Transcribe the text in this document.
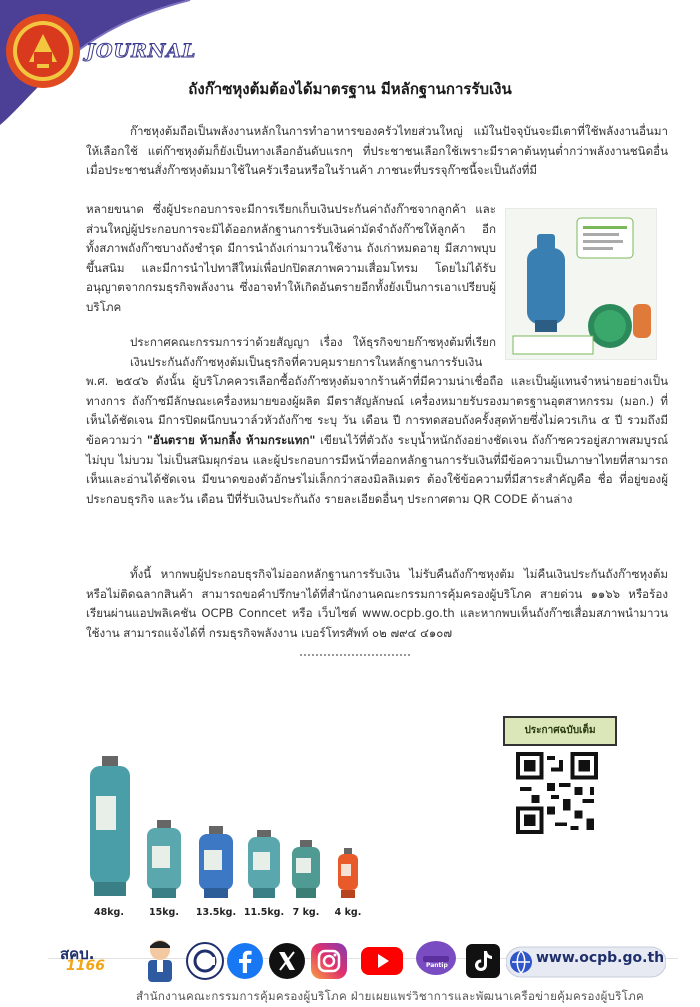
JOURNAL
ถังก๊าซหุงต้มต้องได้มาตรฐาน มีหลักฐานการรับเงิน
ก๊าซหุงต้มถือเป็นพลังงานหลักในการทำอาหารของครัวไทยส่วนใหญ่ แม้ในปัจจุบันจะมีเตาที่ใช้พลังงานอื่นมาให้เลือกใช้ แต่ก๊าซหุงต้มก็ยังเป็นทางเลือกอันดับแรกๆ ที่ประชาชนเลือกใช้เพราะมีราคาต้นทุนต่ำกว่าพลังงานชนิดอื่น เมื่อประชาชนสั่งก๊าซหุงต้มมาใช้ในครัวเรือนหรือในร้านค้า ภาชนะที่บรรจุก๊าซนี้จะเป็นถังที่มี
หลายขนาด ซึ่งผู้ประกอบการจะมีการเรียกเก็บเงินประกันค่าถังก๊าซจากลูกค้า และส่วนใหญ่ผู้ประกอบการจะมิได้ออกหลักฐานการรับเงินค่ามัดจำถังก๊าซให้ลูกค้า อีกทั้งสภาพถังก๊าซบางถังชำรุด มีการนำถังเก่ามาวนใช้งาน ถังเก่าหมดอายุ มีสภาพบุบขึ้นสนิม และมีการนำไปทาสีใหม่เพื่อปกปิดสภาพความเสื่อมโทรม โดยไม่ได้รับอนุญาตจากกรมธุรกิจพลังงาน ซึ่งอาจทำให้เกิดอันตรายอีกทั้งยังเป็นการเอาเปรียบผู้บริโภค
ประกาศคณะกรรมการว่าด้วยสัญญา เรื่อง ให้ธุรกิจขายก๊าซหุงต้มที่เรียกเงินประกันถังก๊าซหุงต้มเป็นธุรกิจที่ควบคุมรายการในหลักฐานการรับเงิน
พ.ศ. ๒๕๔๖ ดังนั้น ผู้บริโภคควรเลือกซื้อถังก๊าซหุงต้มจากร้านค้าที่มีความน่าเชื่อถือ และเป็นผู้แทนจำหน่ายอย่างเป็นทางการ ถังก๊าซมีลักษณะเครื่องหมายของผู้ผลิต มีตราสัญลักษณ์ เครื่องหมายรับรองมาตรฐานอุตสาหกรรม (มอก.) ที่เห็นได้ชัดเจน มีการปิดผนึกบนวาล์วหัวถังก๊าซ ระบุ วัน เดือน ปี การทดสอบถังครั้งสุดท้ายซึ่งไม่ควรเกิน ๕ ปี รวมถึงมีข้อความว่า "อันตราย ห้ามกลิ้ง ห้ามกระแทก" เขียนไว้ที่ตัวถัง ระบุน้ำหนักถังอย่างชัดเจน ถังก๊าซควรอยู่สภาพสมบูรณ์ไม่บุบ ไม่บวม ไม่เป็นสนิมผุกร่อน และผู้ประกอบการมีหน้าที่ออกหลักฐานการรับเงินที่มีข้อความเป็นภาษาไทยที่สามารถเห็นและอ่านได้ชัดเจน มีขนาดของตัวอักษรไม่เล็กกว่าสองมิลลิเมตร ต้องใช้ข้อความที่มีสาระสำคัญคือ ชื่อ ที่อยู่ของผู้ประกอบธุรกิจ และวัน เดือน ปีที่รับเงินประกันถัง รายละเอียดอื่นๆ ประกาศตาม QR CODE ด้านล่าง
ทั้งนี้ หากพบผู้ประกอบธุรกิจไม่ออกหลักฐานการรับเงิน ไม่รับคืนถังก๊าซหุงต้ม ไม่คืนเงินประกันถังก๊าซหุงต้ม หรือไม่ติดฉลากสินค้า สามารถขอคำปรึกษาได้ที่สำนักงานคณะกรรมการคุ้มครองผู้บริโภค สายด่วน ๑๑๖๖ หรือร้องเรียนผ่านแอปพลิเคชัน OCPB Conncet หรือ เว็บไซต์ www.ocpb.go.th และหากพบเห็นถังก๊าซเสื่อมสภาพนำมาวนใช้งาน สามารถแจ้งได้ที่ กรมธุรกิจพลังงาน เบอร์โทรศัพท์ ๐๒ ๗๙๔ ๔๑๐๗
ประกาศฉบับเต็ม
48kg.	15kg.	13.5kg. 11.5kg. 7 kg.	4 kg.
สคบ.
1166	Pantip	www.ocpb.go.th
สำนักงานคณะกรรมการคุ้มครองผู้บริโภค ฝ่ายเผยแพร่วิชาการและพัฒนาเครือข่ายคุ้มครองผู้บริโภค
